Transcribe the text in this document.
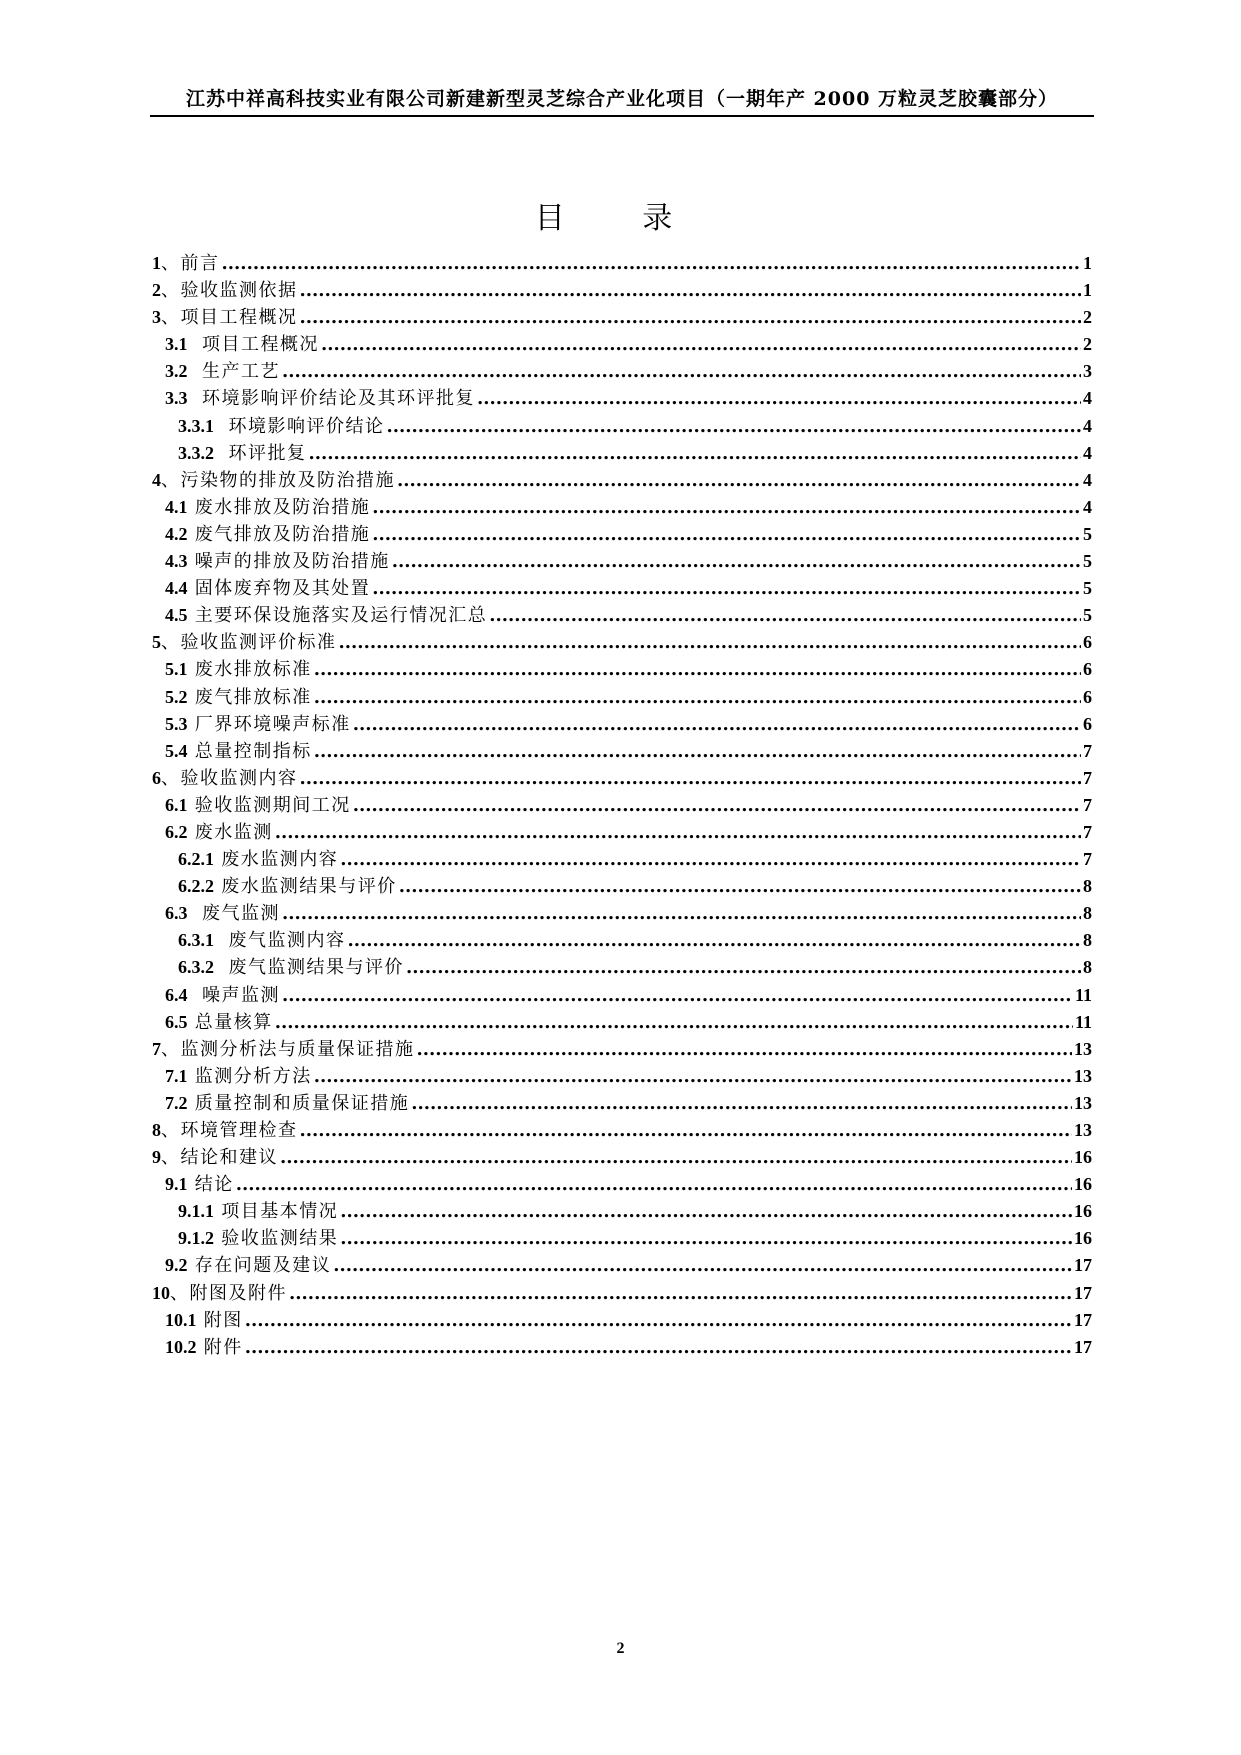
江苏中祥高科技实业有限公司新建新型灵芝综合产业化项目（一期年产 2000 万粒灵芝胶囊部分）
目 录
1、前言 .....	1
2、验收监测依据 .....	1
3、项目工程概况 .....	2
3.1 项目工程概况 .....	2
3.2 生产工艺 .....	3
3.3 环境影响评价结论及其环评批复 .....	4
3.3.1 环境影响评价结论 .....	4
3.3.2 环评批复 .....	4
4、污染物的排放及防治措施 .....	4
4.1 废水排放及防治措施 .....	4
4.2 废气排放及防治措施 .....	5
4.3 噪声的排放及防治措施 .....	5
4.4 固体废弃物及其处置 .....	5
4.5 主要环保设施落实及运行情况汇总 .....	5
5、验收监测评价标准 .....	6
5.1 废水排放标准 .....	6
5.2 废气排放标准 .....	6
5.3 厂界环境噪声标准 .....	6
5.4 总量控制指标 .....	7
6、验收监测内容 .....	7
6.1 验收监测期间工况 .....	7
6.2 废水监测 .....	7
6.2.1 废水监测内容 .....	7
6.2.2 废水监测结果与评价 .....	8
6.3 废气监测 .....	8
6.3.1 废气监测内容 .....	8
6.3.2 废气监测结果与评价 .....	8
6.4 噪声监测 .....	11
6.5 总量核算 .....	11
7、监测分析法与质量保证措施 .....	13
7.1 监测分析方法 .....	13
7.2 质量控制和质量保证措施 .....	13
8、环境管理检查 .....	13
9、结论和建议 .....	16
9.1 结论 .....	16
9.1.1 项目基本情况 .....	16
9.1.2 验收监测结果 .....	16
9.2 存在问题及建议 .....	17
10、附图及附件 .....	17
10.1 附图 .....	17
10.2 附件 .....	17
2
